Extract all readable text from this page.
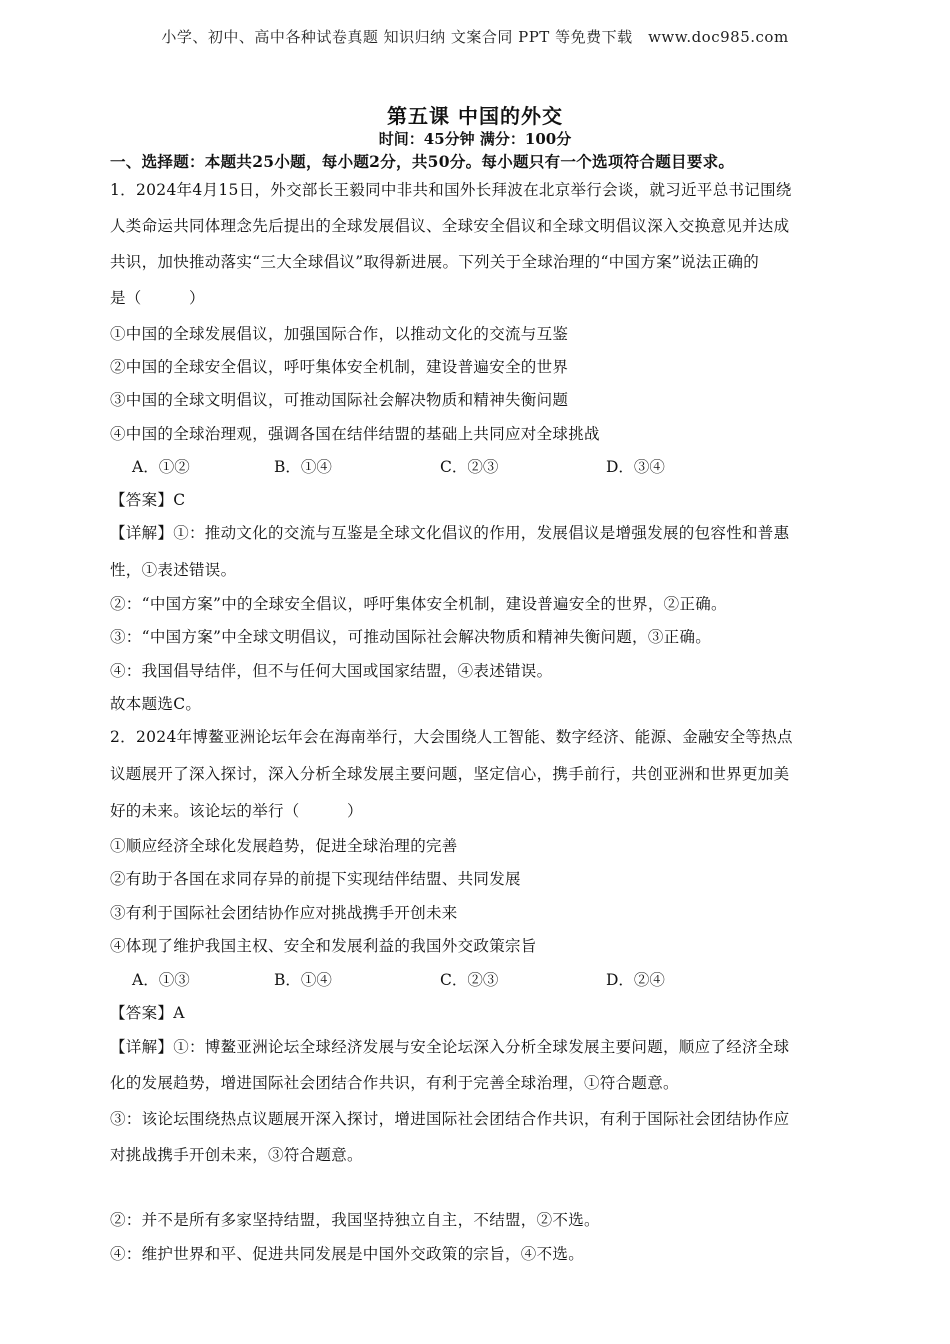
小学、初中、高中各种试卷真题 知识归纳 文案合同 PPT 等免费下载　www.doc985.com
第五课 中国的外交
时间：45分钟 满分：100分
一、选择题：本题共25小题，每小题2分，共50分。每小题只有一个选项符合题目要求。
1．2024年4月15日，外交部长王毅同中非共和国外长拜波在北京举行会谈，就习近平总书记围绕
人类命运共同体理念先后提出的全球发展倡议、全球安全倡议和全球文明倡议深入交换意见并达成
共识，加快推动落实“三大全球倡议”取得新进展。下列关于全球治理的“中国方案”说法正确的
是（　　　）
①中国的全球发展倡议，加强国际合作，以推动文化的交流与互鉴
②中国的全球安全倡议，呼吁集体安全机制，建设普遍安全的世界
③中国的全球文明倡议，可推动国际社会解决物质和精神失衡问题
④中国的全球治理观，强调各国在结伴结盟的基础上共同应对全球挑战
A．①②	B．①④	C．②③	D．③④
【答案】C
【详解】①：推动文化的交流与互鉴是全球文化倡议的作用，发展倡议是增强发展的包容性和普惠
性，①表述错误。
②：“中国方案”中的全球安全倡议，呼吁集体安全机制，建设普遍安全的世界，②正确。
③：“中国方案”中全球文明倡议，可推动国际社会解决物质和精神失衡问题，③正确。
④：我国倡导结伴，但不与任何大国或国家结盟，④表述错误。
故本题选C。
2．2024年博鳌亚洲论坛年会在海南举行，大会围绕人工智能、数字经济、能源、金融安全等热点
议题展开了深入探讨，深入分析全球发展主要问题，坚定信心，携手前行，共创亚洲和世界更加美
好的未来。该论坛的举行（　　　）
①顺应经济全球化发展趋势，促进全球治理的完善
②有助于各国在求同存异的前提下实现结伴结盟、共同发展
③有利于国际社会团结协作应对挑战携手开创未来
④体现了维护我国主权、安全和发展利益的我国外交政策宗旨
A．①③	B．①④	C．②③	D．②④
【答案】A
【详解】①：博鳌亚洲论坛全球经济发展与安全论坛深入分析全球发展主要问题，顺应了经济全球
化的发展趋势，增进国际社会团结合作共识，有利于完善全球治理，①符合题意。
③：该论坛围绕热点议题展开深入探讨，增进国际社会团结合作共识，有利于国际社会团结协作应
对挑战携手开创未来，③符合题意。
②：并不是所有多家坚持结盟，我国坚持独立自主，不结盟，②不选。
④：维护世界和平、促进共同发展是中国外交政策的宗旨，④不选。
